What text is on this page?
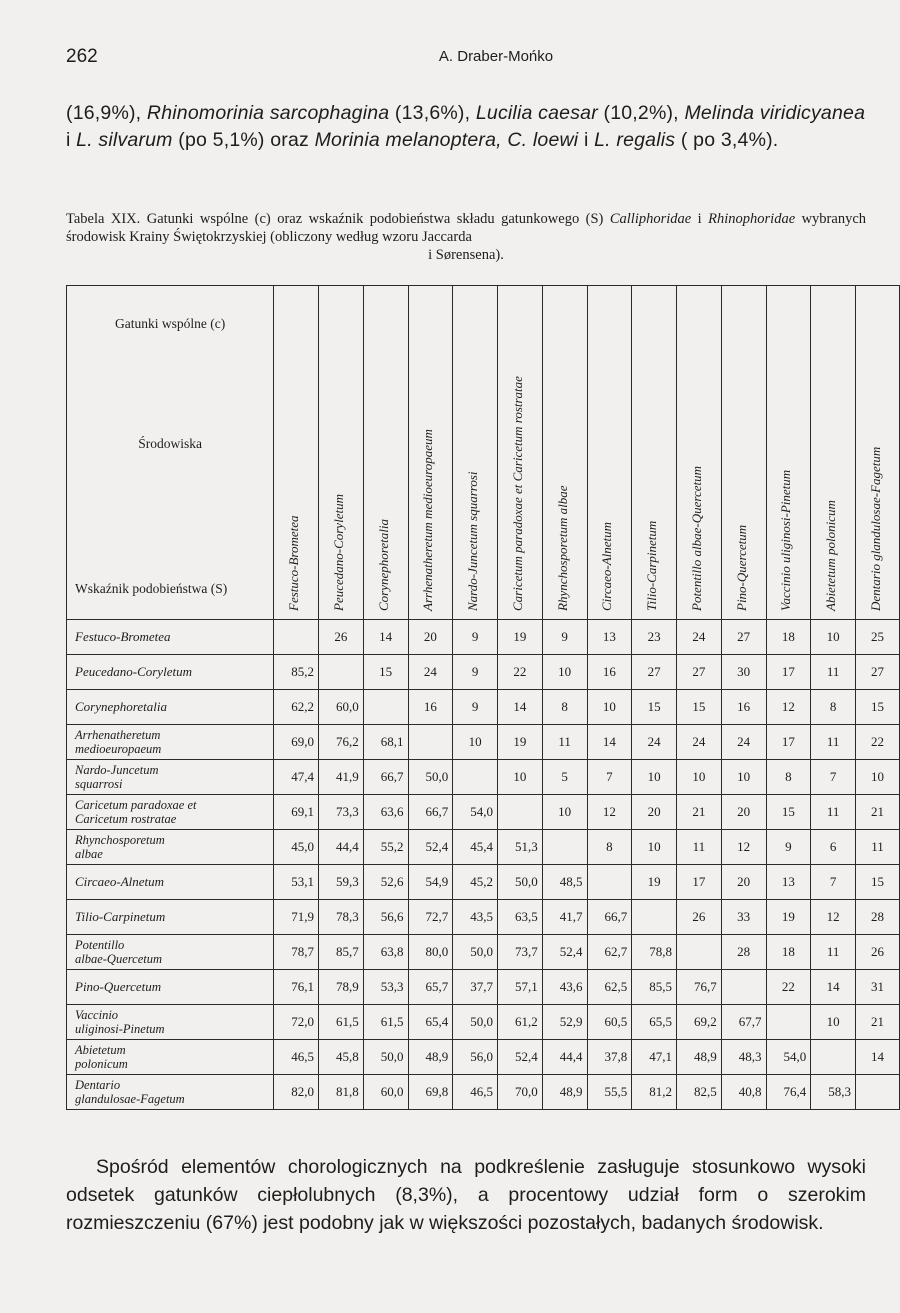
262	A. Draber-Mońko
(16,9%), Rhinomorinia sarcophagina (13,6%), Lucilia caesar (10,2%), Melinda viridicyanea i L. silvarum (po 5,1%) oraz Morinia melanoptera, C. loewi i L. regalis ( po 3,4%).
Tabela XIX. Gatunki wspólne (c) oraz wskaźnik podobieństwa składu gatunkowego (S) Calliphoridae i Rhinophoridae wybranych środowisk Krainy Świętokrzyskiej (obliczony według wzoru Jaccarda
i Sørensena).
Gatunki wspólne (c)
Środowiska
Wskaźnik podobieństwa (S)	Festuco-Brometea	Peucedano-Coryletum	Corynephoretalia	Arrhenatheretum medioeuropaeum	Nardo-Juncetum squarrosi	Caricetum paradoxae et Caricetum rostratae	Rhynchosporetum albae	Circaeo-Alnetum	Tilio-Carpinetum	Potentillo albae-Quercetum	Pino-Quercetum	Vaccinio uliginosi-Pinetum	Abietetum polonicum	Dentario glandulosae-Fagetum

Festuco-Brometea		26	14	20	9	19	9	13	23	24	27	18	10	25
Peucedano-Coryletum	85,2		15	24	9	22	10	16	27	27	30	17	11	27
Corynephoretalia	62,2	60,0		16	9	14	8	10	15	15	16	12	8	15
Arrhenatheretum
medioeuropaeum	69,0	76,2	68,1		10	19	11	14	24	24	24	17	11	22
Nardo-Juncetum
squarrosi	47,4	41,9	66,7	50,0		10	5	7	10	10	10	8	7	10
Caricetum paradoxae et
Caricetum rostratae	69,1	73,3	63,6	66,7	54,0		10	12	20	21	20	15	11	21
Rhynchosporetum
albae	45,0	44,4	55,2	52,4	45,4	51,3		8	10	11	12	9	6	11
Circaeo-Alnetum	53,1	59,3	52,6	54,9	45,2	50,0	48,5		19	17	20	13	7	15
Tilio-Carpinetum	71,9	78,3	56,6	72,7	43,5	63,5	41,7	66,7		26	33	19	12	28
Potentillo
albae-Quercetum	78,7	85,7	63,8	80,0	50,0	73,7	52,4	62,7	78,8		28	18	11	26
Pino-Quercetum	76,1	78,9	53,3	65,7	37,7	57,1	43,6	62,5	85,5	76,7		22	14	31
Vaccinio
uliginosi-Pinetum	72,0	61,5	61,5	65,4	50,0	61,2	52,9	60,5	65,5	69,2	67,7		10	21
Abietetum
polonicum	46,5	45,8	50,0	48,9	56,0	52,4	44,4	37,8	47,1	48,9	48,3	54,0		14
Dentario
glandulosae-Fagetum	82,0	81,8	60,0	69,8	46,5	70,0	48,9	55,5	81,2	82,5	40,8	76,4	58,3	
Spośród elementów chorologicznych na podkreślenie zasługuje stosunkowo wysoki odsetek gatunków ciepłolubnych (8,3%), a procentowy udział form o szerokim rozmieszczeniu (67%) jest podobny jak w większości pozostałych, badanych środowisk.
